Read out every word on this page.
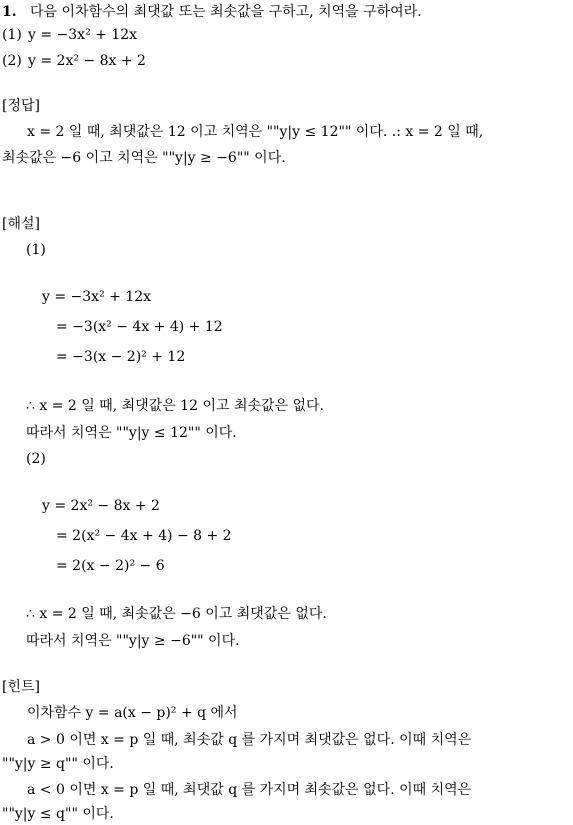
1. 다음 이차함수의 최댓값 또는 최솟값을 구하고, 치역을 구하여라.
(1) y = −3x² + 12x
(2) y = 2x² − 8x + 2
[정답]
x = 2 일 때, 최댓값은 12 이고 치역은 ""y|y ≤ 12"" 이다. .: x = 2 일 때,
최솟값은 −6 이고 치역은 ""y|y ≥ −6"" 이다.
[해설]
(1)
y = −3x² + 12x
= −3(x² − 4x + 4) + 12
= −3(x − 2)² + 12
∴ x = 2 일 때, 최댓값은 12 이고 최솟값은 없다.
따라서 치역은 ""y|y ≤ 12"" 이다.
(2)
y = 2x² − 8x + 2
= 2(x² − 4x + 4) − 8 + 2
= 2(x − 2)² − 6
∴ x = 2 일 때, 최솟값은 −6 이고 최댓값은 없다.
따라서 치역은 ""y|y ≥ −6"" 이다.
[힌트]
이차함수 y = a(x − p)² + q 에서
a > 0 이면 x = p 일 때, 최솟값 q 를 가지며 최댓값은 없다. 이때 치역은
""y|y ≥ q"" 이다.
a < 0 이면 x = p 일 때, 최댓값 q 를 가지며 최솟값은 없다. 이때 치역은
""y|y ≤ q"" 이다.
